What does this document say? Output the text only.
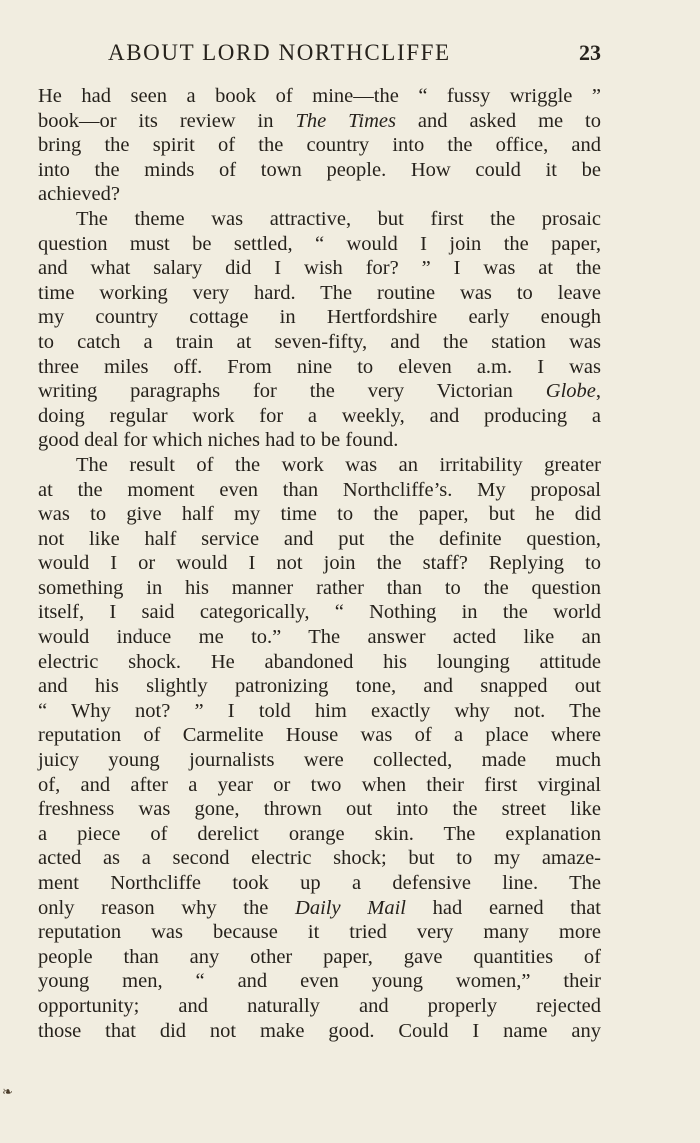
ABOUT LORD NORTHCLIFFE	23
He had seen a book of mine—the “ fussy wriggle ”
book—or its review in The Times and asked me to
bring the spirit of the country into the office, and
into the minds of town people. How could it be
achieved?
The theme was attractive, but first the prosaic
question must be settled, “ would I join the paper,
and what salary did I wish for? ” I was at the
time working very hard. The routine was to leave
my country cottage in Hertfordshire early enough
to catch a train at seven-fifty, and the station was
three miles off. From nine to eleven a.m. I was
writing paragraphs for the very Victorian Globe,
doing regular work for a weekly, and producing a
good deal for which niches had to be found.
The result of the work was an irritability greater
at the moment even than Northcliffe’s. My proposal
was to give half my time to the paper, but he did
not like half service and put the definite question,
would I or would I not join the staff? Replying to
something in his manner rather than to the question
itself, I said categorically, “ Nothing in the world
would induce me to.” The answer acted like an
electric shock. He abandoned his lounging attitude
and his slightly patronizing tone, and snapped out
“ Why not? ” I told him exactly why not. The
reputation of Carmelite House was of a place where
juicy young journalists were collected, made much
of, and after a year or two when their first virginal
freshness was gone, thrown out into the street like
a piece of derelict orange skin. The explanation
acted as a second electric shock; but to my amaze-
ment Northcliffe took up a defensive line. The
only reason why the Daily Mail had earned that
reputation was because it tried very many more
people than any other paper, gave quantities of
young men, “ and even young women,” their
opportunity; and naturally and properly rejected
those that did not make good. Could I name any
❧
